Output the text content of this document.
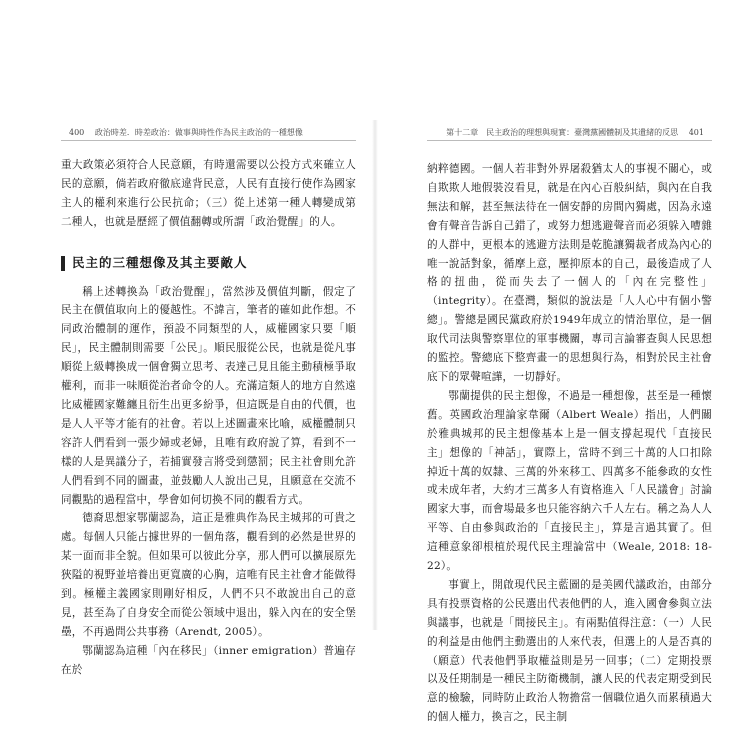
400 政治時差．時差政治：做事與時性作為民主政治的一種想像

重大政策必須符合人民意願，有時還需要以公投方式來確立人民的意願，倘若政府徹底違背民意，人民有直接行使作為國家主人的權利來進行公民抗命；（三）從上述第一種人轉變成第二種人，也就是歷經了價值翻轉或所謂「政治覺醒」的人。

民主的三種想像及其主要敵人

稱上述轉換為「政治覺醒」，當然涉及價值判斷，假定了民主在價值取向上的優越性。不諱言，筆者的確如此作想。不同政治體制的運作，預設不同類型的人，威權國家只要「順民」，民主體制則需要「公民」。順民服從公民，也就是從凡事順從上級轉換成一個會獨立思考、表達己見且能主動積極爭取權利，而非一味順從治者命令的人。充滿這類人的地方自然遠比威權國家難纏且衍生出更多紛爭，但這既是自由的代價，也是人人平等才能有的社會。若以上述圖畫來比喻，威權體制只容許人們看到一張少婦或老婦，且唯有政府說了算，看到不一樣的人是異議分子，若捕實發言將受到懲罰；民主社會則允許人們看到不同的圖畫，並鼓勵人人說出己見，且願意在交流不同觀點的過程當中，學會如何切換不同的觀看方式。

德裔思想家鄂蘭認為，這正是雅典作為民主城邦的可貴之處。每個人只能占據世界的一個角落，觀看到的必然是世界的某一面而非全貌。但如果可以彼此分享，那人們可以擴展原先狹隘的視野並培養出更寬廣的心胸，這唯有民主社會才能做得到。極權主義國家則剛好相反，人們不只不敢說出自己的意見，甚至為了自身安全而從公領域中退出，躲入內在的安全堡壘，不再過問公共事務（Arendt, 2005）。

鄂蘭認為這種「內在移民」（inner emigration）普遍存在於

第十二章　民主政治的理想與現實：臺灣黨國體制及其遺緒的反思 401

納粹德國。一個人若非對外界屠殺猶太人的事視不關心，或自欺欺人地假裝沒看見，就是在內心百般糾結，與內在自我無法和解，甚至無法待在一個安靜的房間內獨處，因為永遠會有聲音告訴自己錯了，或努力想逃避聲音而必須躲入嘈雜的人群中，更根本的逃避方法則是乾脆讓獨裁者成為內心的唯一說話對象，循摩上意，壓抑原本的自己，最後造成了人格的扭曲，從而失去了一個人的「內在完整性」（integrity）。在臺灣，類似的說法是「人人心中有個小警總」。警總是國民黨政府於1949年成立的情治單位，是一個取代司法與警察單位的軍事機關，專司言論審查與人民思想的監控。警總底下整齊畫一的思想與行為，相對於民主社會底下的眾聲喧譁，一切靜好。

鄂蘭提供的民主想像，不過是一種想像，甚至是一種懷舊。英國政治理論家韋爾（Albert Weale）指出，人們關於雅典城邦的民主想像基本上是一個支撐起現代「直接民主」想像的「神話」，實際上，當時不到三十萬的人口扣除掉近十萬的奴隸、三萬的外來移工、四萬多不能參政的女性或未成年者，大約才三萬多人有資格進入「人民議會」討論國家大事，而會場最多也只能容納六千人左右。稱之為人人平等、自由參與政治的「直接民主」，算是言過其實了。但這種意象卻根植於現代民主理論當中（Weale, 2018: 18-22）。

事實上，開啟現代民主藍圖的是美國代議政治，由部分具有投票資格的公民選出代表他們的人，進入國會參與立法與議事，也就是「間接民主」。有兩點值得注意：（一）人民的利益是由他們主動選出的人來代表，但選上的人是否真的（願意）代表他們爭取權益則是另一回事；（二）定期投票以及任期制是一種民主防衛機制，讓人民的代表定期受到民意的檢驗，同時防止政治人物擔當一個職位過久而累積過大的個人權力，換言之，民主制
